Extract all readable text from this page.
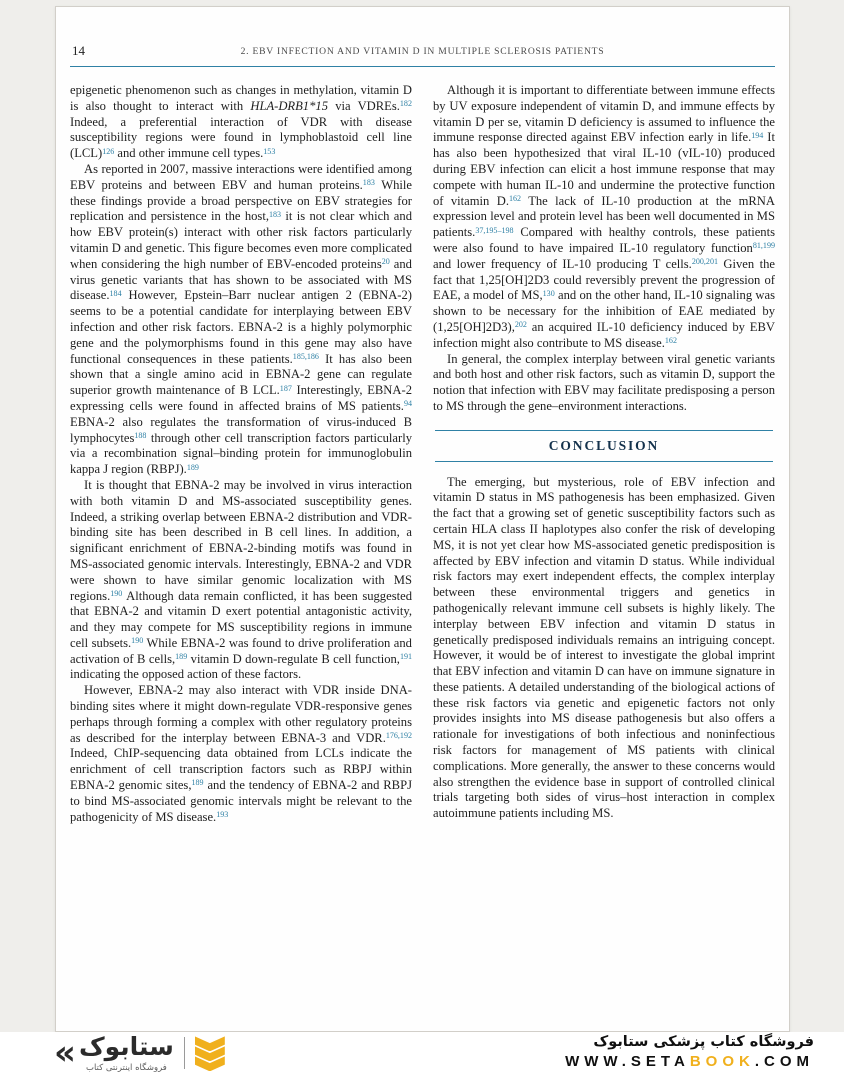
14	2. EBV INFECTION AND VITAMIN D IN MULTIPLE SCLEROSIS PATIENTS

epigenetic phenomenon such as changes in methylation, vitamin D is also thought to interact with HLA-DRB1*15 via VDREs.$^{182}$ Indeed, a preferential interaction of VDR with disease susceptibility regions were found in lymphoblastoid cell line (LCL)$^{126}$ and other immune cell types.$^{153}$

As reported in 2007, massive interactions were identified among EBV proteins and between EBV and human proteins.$^{183}$ While these findings provide a broad perspective on EBV strategies for replication and persistence in the host,$^{183}$ it is not clear which and how EBV protein(s) interact with other risk factors particularly vitamin D and genetic. This figure becomes even more complicated when considering the high number of EBV-encoded proteins$^{20}$ and virus genetic variants that has shown to be associated with MS disease.$^{184}$ However, Epstein–Barr nuclear antigen 2 (EBNA-2) seems to be a potential candidate for interplaying between EBV infection and other risk factors. EBNA-2 is a highly polymorphic gene and the polymorphisms found in this gene may also have functional consequences in these patients.$^{185,186}$ It has also been shown that a single amino acid in EBNA-2 gene can regulate superior growth maintenance of B LCL.$^{187}$ Interestingly, EBNA-2 expressing cells were found in affected brains of MS patients.$^{94}$ EBNA-2 also regulates the transformation of virus-induced B lymphocytes$^{188}$ through other cell transcription factors particularly via a recombination signal–binding protein for immunoglobulin kappa J region (RBPJ).$^{189}$

It is thought that EBNA-2 may be involved in virus interaction with both vitamin D and MS-associated susceptibility genes. Indeed, a striking overlap between EBNA-2 distribution and VDR-binding site has been described in B cell lines. In addition, a significant enrichment of EBNA-2-binding motifs was found in MS-associated genomic intervals. Interestingly, EBNA-2 and VDR were shown to have similar genomic localization with MS regions.$^{190}$ Although data remain conflicted, it has been suggested that EBNA-2 and vitamin D exert potential antagonistic activity, and they may compete for MS susceptibility regions in immune cell subsets.$^{190}$ While EBNA-2 was found to drive proliferation and activation of B cells,$^{189}$ vitamin D down-regulate B cell function,$^{191}$ indicating the opposed action of these factors.

However, EBNA-2 may also interact with VDR inside DNA-binding sites where it might down-regulate VDR-responsive genes perhaps through forming a complex with other regulatory proteins as described for the interplay between EBNA-3 and VDR.$^{176,192}$ Indeed, ChIP-sequencing data obtained from LCLs indicate the enrichment of cell transcription factors such as RBPJ within EBNA-2 genomic sites,$^{189}$ and the tendency of EBNA-2 and RBPJ to bind MS-associated genomic intervals might be relevant to the pathogenicity of MS disease.$^{193}$

Although it is important to differentiate between immune effects by UV exposure independent of vitamin D, and immune effects by vitamin D per se, vitamin D deficiency is assumed to influence the immune response directed against EBV infection early in life.$^{194}$ It has also been hypothesized that viral IL-10 (vIL-10) produced during EBV infection can elicit a host immune response that may compete with human IL-10 and undermine the protective function of vitamin D.$^{162}$ The lack of IL-10 production at the mRNA expression level and protein level has been well documented in MS patients.$^{37,195-198}$ Compared with healthy controls, these patients were also found to have impaired IL-10 regulatory function$^{81,199}$ and lower frequency of IL-10 producing T cells.$^{200,201}$ Given the fact that 1,25[OH]2D3 could reversibly prevent the progression of EAE, a model of MS,$^{130}$ and on the other hand, IL-10 signaling was shown to be necessary for the inhibition of EAE mediated by (1,25[OH]2D3),$^{202}$ an acquired IL-10 deficiency induced by EBV infection might also contribute to MS disease.$^{162}$

In general, the complex interplay between viral genetic variants and both host and other risk factors, such as vitamin D, support the notion that infection with EBV may facilitate predisposing a person to MS through the gene–environment interactions.

CONCLUSION

The emerging, but mysterious, role of EBV infection and vitamin D status in MS pathogenesis has been emphasized. Given the fact that a growing set of genetic susceptibility factors such as certain HLA class II haplotypes also confer the risk of developing MS, it is not yet clear how MS-associated genetic predisposition is affected by EBV infection and vitamin D status. While individual risk factors may exert independent effects, the complex interplay between these environmental triggers and genetics in pathogenically relevant immune cell subsets is highly likely. The interplay between EBV infection and vitamin D status in genetically predisposed individuals remains an intriguing concept. However, it would be of interest to investigate the global imprint that EBV infection and vitamin D can have on immune signature in these patients. A detailed understanding of the biological actions of these risk factors via genetic and epigenetic factors not only provides insights into MS disease pathogenesis but also offers a rationale for investigations of both infectious and noninfectious risk factors for management of MS patients with clinical complications. More generally, the answer to these concerns would also strengthen the evidence base in support of controlled clinical trials targeting both sides of virus–host interaction in complex autoimmune patients including MS.

« ستابوک
فروشگاه اینترنتی کتاب
فروشگاه کتاب پزشکی ستابوک
WWW.SETABOOK.COM
